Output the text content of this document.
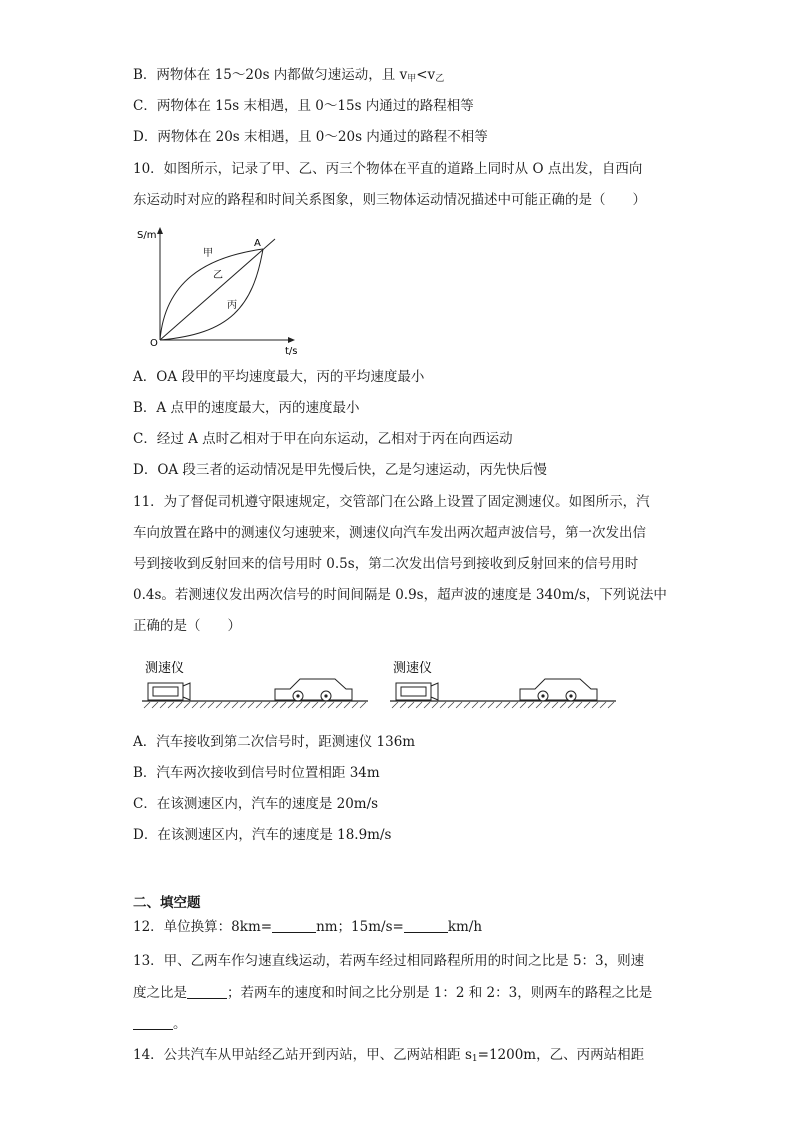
B．两物体在 15～20s 内都做匀速运动，且 $v_甲<v_乙$
C．两物体在 15s 末相遇，且 0～15s 内通过的路程相等
D．两物体在 20s 末相遇，且 0～20s 内通过的路程不相等
10．如图所示，记录了甲、乙、丙三个物体在平直的道路上同时从 O 点出发，自西向
东运动时对应的路程和时间关系图象，则三物体运动情况描述中可能正确的是（　　）
S/m
t/s
O
A
甲
乙
丙
A．OA 段甲的平均速度最大，丙的平均速度最小
B．A 点甲的速度最大，丙的速度最小
C．经过 A 点时乙相对于甲在向东运动，乙相对于丙在向西运动
D．OA 段三者的运动情况是甲先慢后快，乙是匀速运动，丙先快后慢
11．为了督促司机遵守限速规定，交管部门在公路上设置了固定测速仪。如图所示，汽
车向放置在路中的测速仪匀速驶来，测速仪向汽车发出两次超声波信号，第一次发出信
号到接收到反射回来的信号用时 0.5s，第二次发出信号到接收到反射回来的信号用时
0.4s。若测速仪发出两次信号的时间间隔是 0.9s，超声波的速度是 340m/s，下列说法中
正确的是（　　）
测速仪	测速仪
A．汽车接收到第二次信号时，距测速仪 136m
B．汽车两次接收到信号时位置相距 34m
C．在该测速区内，汽车的速度是 20m/s
D．在该测速区内，汽车的速度是 18.9m/s
二、填空题
12．单位换算：8km=	nm；15m/s=	km/h
13．甲、乙两车作匀速直线运动，若两车经过相同路程所用的时间之比是 5：3，则速
度之比是	；若两车的速度和时间之比分别是 1：2 和 2：3，则两车的路程之比是
。
14．公共汽车从甲站经乙站开到丙站，甲、乙两站相距 $s_1=1200m$，乙、丙两站相距
